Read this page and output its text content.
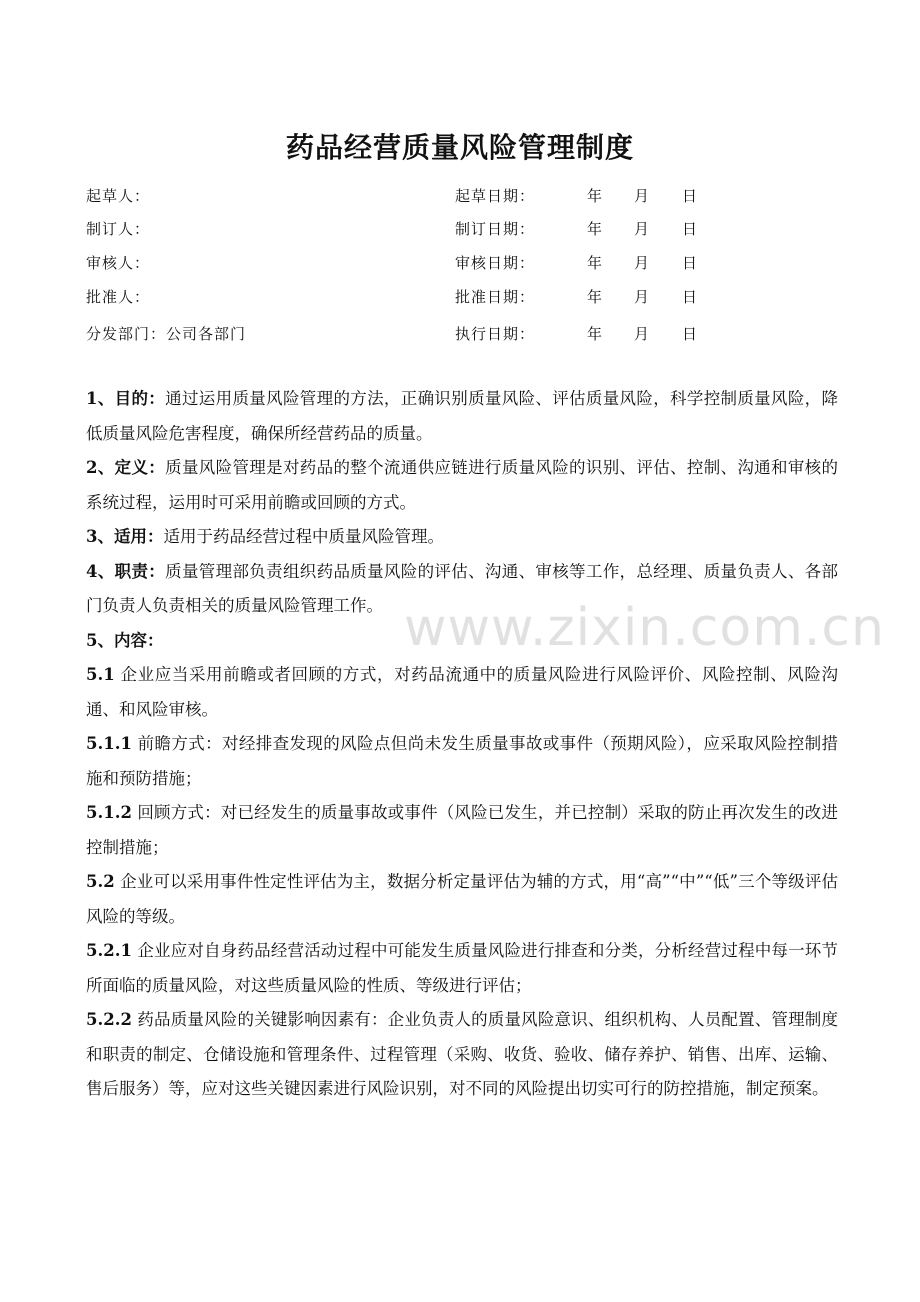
药品经营质量风险管理制度
起草人：	起草日期：	年 月 日
制订人：	制订日期：	年 月 日
审核人：	审核日期：	年 月 日
批准人：	批准日期：	年 月 日
分发部门：公司各部门	执行日期：	年 月 日

1、目的：通过运用质量风险管理的方法，正确识别质量风险、评估质量风险，科学控制质量风险，降低质量风险危害程度，确保所经营药品的质量。

2、定义：质量风险管理是对药品的整个流通供应链进行质量风险的识别、评估、控制、沟通和审核的系统过程，运用时可采用前瞻或回顾的方式。

3、适用：适用于药品经营过程中质量风险管理。

4、职责：质量管理部负责组织药品质量风险的评估、沟通、审核等工作，总经理、质量负责人、各部门负责人负责相关的质量风险管理工作。

5、内容：

5.1 企业应当采用前瞻或者回顾的方式，对药品流通中的质量风险进行风险评价、风险控制、风险沟通、和风险审核。

5.1.1 前瞻方式：对经排查发现的风险点但尚未发生质量事故或事件（预期风险），应采取风险控制措施和预防措施；

5.1.2 回顾方式：对已经发生的质量事故或事件（风险已发生，并已控制）采取的防止再次发生的改进控制措施；

5.2 企业可以采用事件性定性评估为主，数据分析定量评估为辅的方式，用“高”“中”“低”三个等级评估风险的等级。

5.2.1 企业应对自身药品经营活动过程中可能发生质量风险进行排查和分类，分析经营过程中每一环节所面临的质量风险，对这些质量风险的性质、等级进行评估；

5.2.2 药品质量风险的关键影响因素有：企业负责人的质量风险意识、组织机构、人员配置、管理制度和职责的制定、仓储设施和管理条件、过程管理（采购、收货、验收、储存养护、销售、出库、运输、售后服务）等，应对这些关键因素进行风险识别，对不同的风险提出切实可行的防控措施，制定预案。

www.zixin.com.cn
